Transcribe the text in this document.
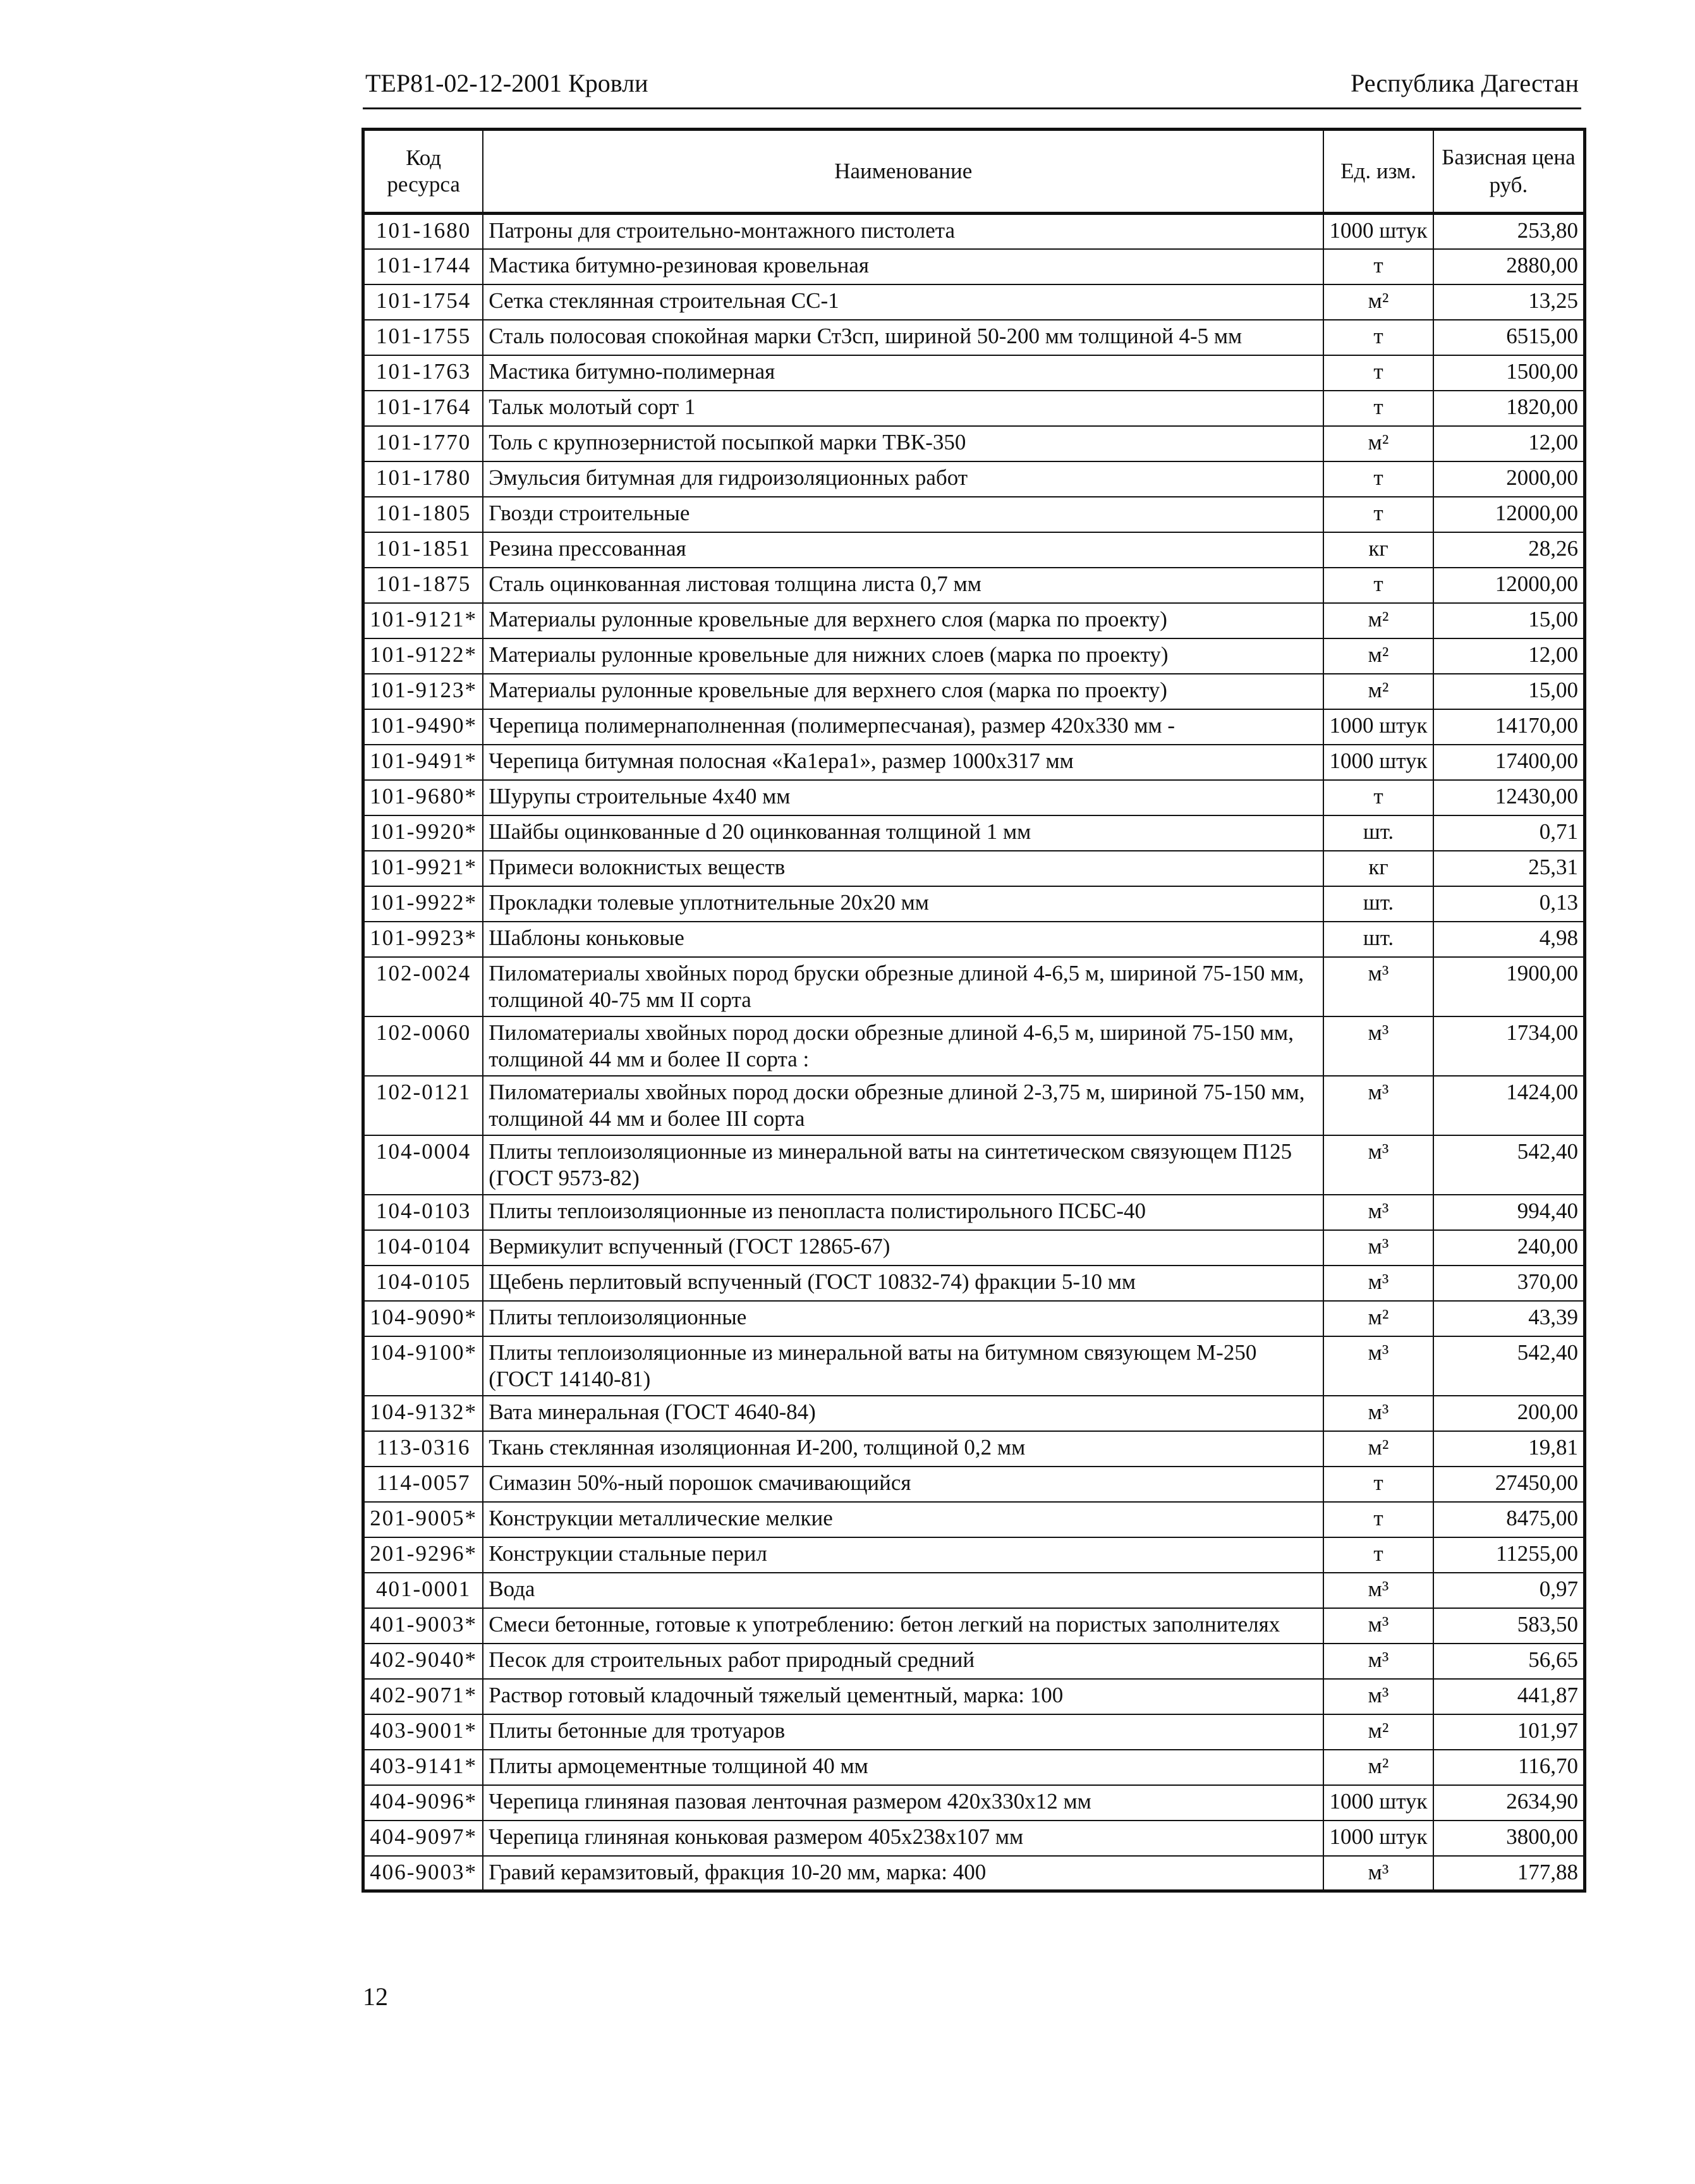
ТЕР81-02-12-2001 Кровли	Республика Дагестан
Код ресурса	Наименование	Ед. изм.	Базисная цена руб.
101-1680	Патроны для строительно-монтажного пистолета	1000 штук	253,80
101-1744	Мастика битумно-резиновая кровельная	т	2880,00
101-1754	Сетка стеклянная строительная СС-1	м²	13,25
101-1755	Сталь полосовая спокойная марки Ст3сп, шириной 50-200 мм толщиной 4-5 мм	т	6515,00
101-1763	Мастика битумно-полимерная	т	1500,00
101-1764	Тальк молотый сорт 1	т	1820,00
101-1770	Толь с крупнозернистой посыпкой марки ТВК-350	м²	12,00
101-1780	Эмульсия битумная для гидроизоляционных работ	т	2000,00
101-1805	Гвозди строительные	т	12000,00
101-1851	Резина прессованная	кг	28,26
101-1875	Сталь оцинкованная листовая толщина листа 0,7 мм	т	12000,00
101-9121*	Материалы рулонные кровельные для верхнего слоя (марка по проекту)	м²	15,00
101-9122*	Материалы рулонные кровельные для нижних слоев (марка по проекту)	м²	12,00
101-9123*	Материалы рулонные кровельные для верхнего слоя (марка по проекту)	м²	15,00
101-9490*	Черепица полимернаполненная (полимерпесчаная), размер 420x330 мм -	1000 штук	14170,00
101-9491*	Черепица битумная полосная «Ка1ера1», размер 1000x317 мм	1000 штук	17400,00
101-9680*	Шурупы строительные 4x40 мм	т	12430,00
101-9920*	Шайбы оцинкованные d 20 оцинкованная толщиной 1 мм	шт.	0,71
101-9921*	Примеси волокнистых веществ	кг	25,31
101-9922*	Прокладки толевые уплотнительные 20x20 мм	шт.	0,13
101-9923*	Шаблоны коньковые	шт.	4,98
102-0024	Пиломатериалы хвойных пород бруски обрезные длиной 4-6,5 м, шириной 75-150 мм, толщиной 40-75 мм II сорта	м³	1900,00
102-0060	Пиломатериалы хвойных пород доски обрезные длиной 4-6,5 м, шириной 75-150 мм, толщиной 44 мм и более II сорта :	м³	1734,00
102-0121	Пиломатериалы хвойных пород доски обрезные длиной 2-3,75 м, шириной 75-150 мм, толщиной 44 мм и более III сорта	м³	1424,00
104-0004	Плиты теплоизоляционные из минеральной ваты на синтетическом связующем П125 (ГОСТ 9573-82)	м³	542,40
104-0103	Плиты теплоизоляционные из пенопласта полистирольного ПСБС-40	м³	994,40
104-0104	Вермикулит вспученный (ГОСТ 12865-67)	м³	240,00
104-0105	Щебень перлитовый вспученный (ГОСТ 10832-74) фракции 5-10 мм	м³	370,00
104-9090*	Плиты теплоизоляционные	м²	43,39
104-9100*	Плиты теплоизоляционные из минеральной ваты на битумном связующем М-250 (ГОСТ 14140-81)	м³	542,40
104-9132*	Вата минеральная (ГОСТ 4640-84)	м³	200,00
113-0316	Ткань стеклянная изоляционная И-200, толщиной 0,2 мм	м²	19,81
114-0057	Симазин 50%-ный порошок смачивающийся	т	27450,00
201-9005*	Конструкции металлические мелкие	т	8475,00
201-9296*	Конструкции стальные перил	т	11255,00
401-0001	Вода	м³	0,97
401-9003*	Смеси бетонные, готовые к употреблению: бетон легкий на пористых заполнителях	м³	583,50
402-9040*	Песок для строительных работ природный средний	м³	56,65
402-9071*	Раствор готовый кладочный тяжелый цементный, марка: 100	м³	441,87
403-9001*	Плиты бетонные для тротуаров	м²	101,97
403-9141*	Плиты армоцементные толщиной 40 мм	м²	116,70
404-9096*	Черепица глиняная пазовая ленточная размером 420x330x12 мм	1000 штук	2634,90
404-9097*	Черепица глиняная коньковая размером 405x238x107 мм	1000 штук	3800,00
406-9003*	Гравий керамзитовый, фракция 10-20 мм, марка: 400	м³	177,88
12
